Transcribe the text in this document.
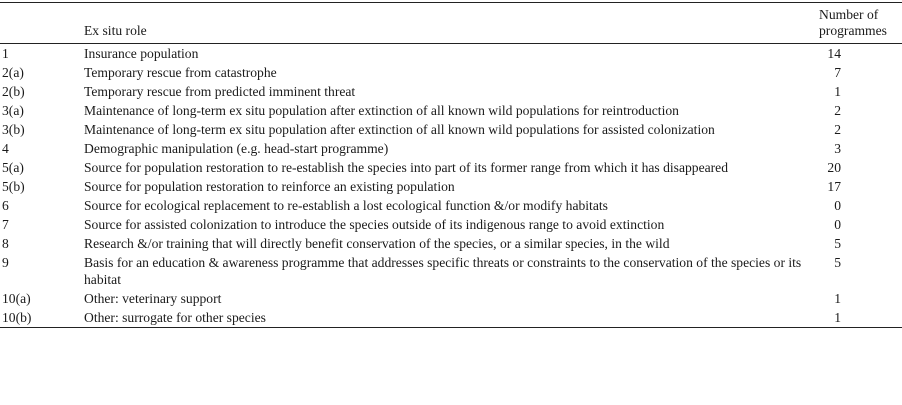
	Ex situ role	Number of
programmes
1	Insurance population	14
2(a)	Temporary rescue from catastrophe	7
2(b)	Temporary rescue from predicted imminent threat	1
3(a)	Maintenance of long-term ex situ population after extinction of all known wild populations for reintroduction	2
3(b)	Maintenance of long-term ex situ population after extinction of all known wild populations for assisted colonization	2
4	Demographic manipulation (e.g. head-start programme)	3
5(a)	Source for population restoration to re-establish the species into part of its former range from which it has disappeared	20
5(b)	Source for population restoration to reinforce an existing population	17
6	Source for ecological replacement to re-establish a lost ecological function &/or modify habitats	0
7	Source for assisted colonization to introduce the species outside of its indigenous range to avoid extinction	0
8	Research &/or training that will directly benefit conservation of the species, or a similar species, in the wild	5
9	Basis for an education & awareness programme that addresses specific threats or constraints to the conservation of the species or its habitat	5
10(a)	Other: veterinary support	1
10(b)	Other: surrogate for other species	1
